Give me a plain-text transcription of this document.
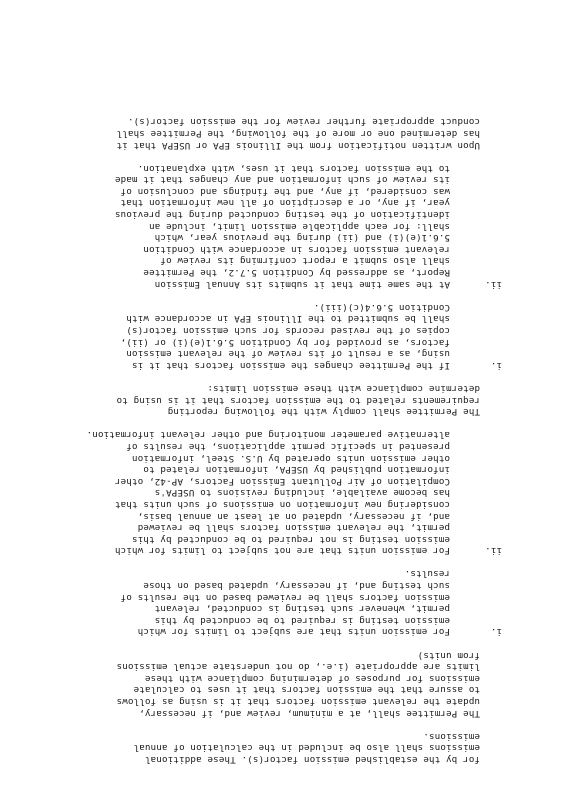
for by the established emission factor(s). These additional
emissions shall also be included in the calculation of annual
emissions.
The Permittee shall, at a minimum, review and, if necessary,
update the relevant emission factors that it is using as follows
to assure that the emission factors that it uses to calculate
emissions for purposes of determining compliance with these
limits are appropriate (i.e., do not understate actual emissions
from units)
i.
For emission units that are subject to limits for which
emission testing is required to be conducted by this
permit, whenever such testing is conducted, relevant
emission factors shall be reviewed based on the results of
such testing and, if necessary, updated based on those
results.
ii.
For emission units that are not subject to limits for which
emission testing is not required to be conducted by this
permit, the relevant emission factors shall be reviewed
and, if necessary, updated on at least an annual basis,
considering new information on emissions of such units that
has become available, including revisions to USEPA's
Compilation of Air Pollutant Emission Factors, AP-42, other
information published by USEPA, information related to
other emission units operated by U.S. Steel, information
presented in specific permit applications, the results of
alternative parameter monitoring and other relevant information.
The Permittee shall comply with the following reporting
requirements related to the emission factors that it is using to
determine compliance with these emission limits:
i.
If the Permittee changes the emission factors that it is
using, as a result of its review of the relevant emission
factors, as provided for by Condition 5.6.1(e)(i) or (ii),
copies of the revised records for such emission factor(s)
shall be submitted to the Illinois EPA in accordance with
Condition 5.6.4(c)(iii).
ii.
At the same time that it submits its Annual Emission
Report, as addressed by Condition 5.7.2, the Permittee
shall also submit a report confirming its review of
relevant emission factors in accordance with Condition
5.6.1(e)(i) and (ii) during the previous year, which
shall: for each applicable emission limit, include an
identification of the testing conducted during the previous
year, if any, or a description of all new information that
was considered, if any, and the findings and conclusion of
its review of such information and any changes that it made
to the emission factors that it uses, with explanation.
Upon written notification from the Illinois EPA or USEPA that it
has determined one or more of the following, the Permittee shall
conduct appropriate further review for the emission factor(s).
